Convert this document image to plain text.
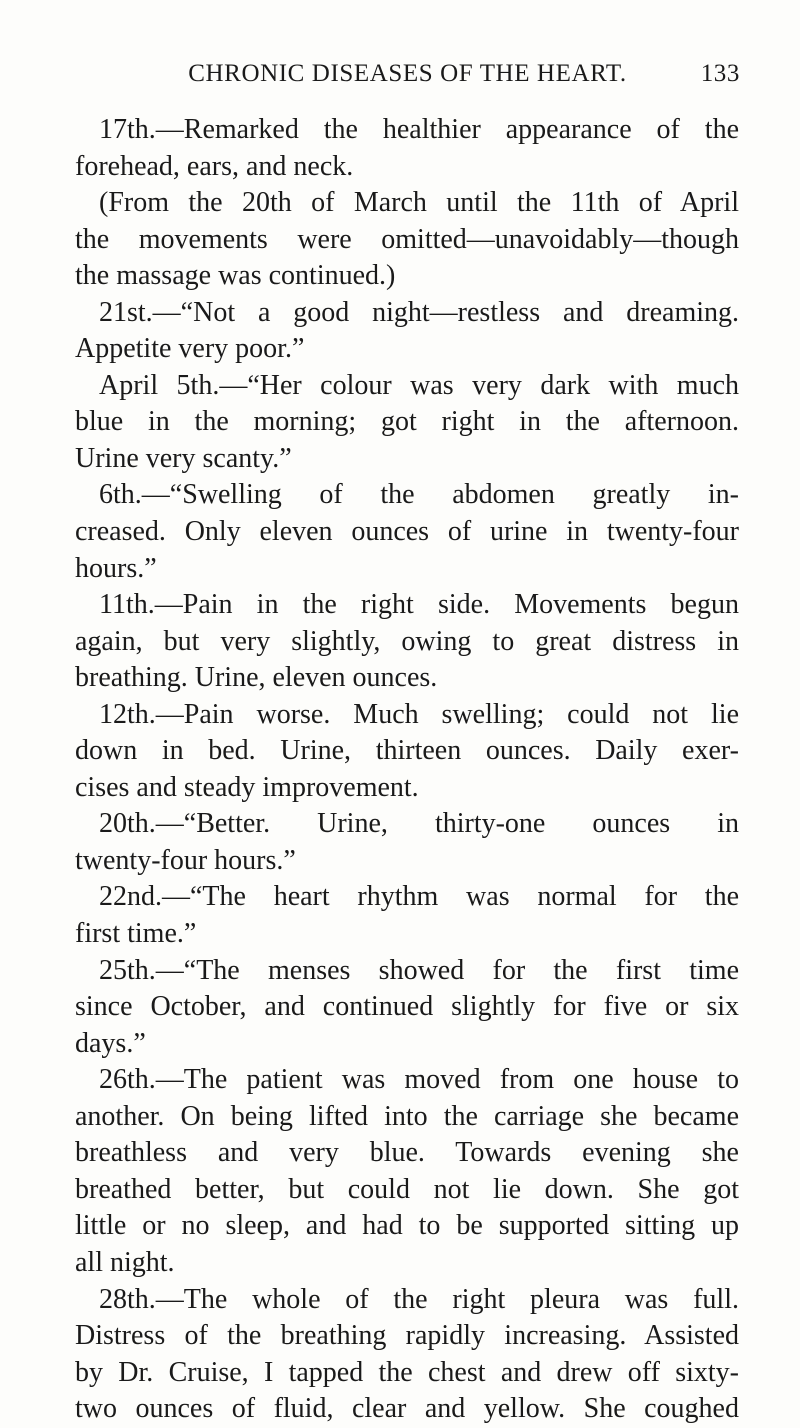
CHRONIC DISEASES OF THE HEART.	133
17th.—Remarked the healthier appearance of the
forehead, ears, and neck.
(From the 20th of March until the 11th of April
the movements were omitted—unavoidably—though
the massage was continued.)
21st.—“Not a good night—restless and dreaming.
Appetite very poor.”
April 5th.—“Her colour was very dark with much
blue in the morning; got right in the afternoon.
Urine very scanty.”
6th.—“Swelling of the abdomen greatly in-
creased. Only eleven ounces of urine in twenty-four
hours.”
11th.—Pain in the right side. Movements begun
again, but very slightly, owing to great distress in
breathing. Urine, eleven ounces.
12th.—Pain worse. Much swelling; could not lie
down in bed. Urine, thirteen ounces. Daily exer-
cises and steady improvement.
20th.—“Better. Urine, thirty-one ounces in
twenty-four hours.”
22nd.—“The heart rhythm was normal for the
first time.”
25th.—“The menses showed for the first time
since October, and continued slightly for five or six
days.”
26th.—The patient was moved from one house to
another. On being lifted into the carriage she became
breathless and very blue. Towards evening she
breathed better, but could not lie down. She got
little or no sleep, and had to be supported sitting up
all night.
28th.—The whole of the right pleura was full.
Distress of the breathing rapidly increasing. Assisted
by Dr. Cruise, I tapped the chest and drew off sixty-
two ounces of fluid, clear and yellow. She coughed
